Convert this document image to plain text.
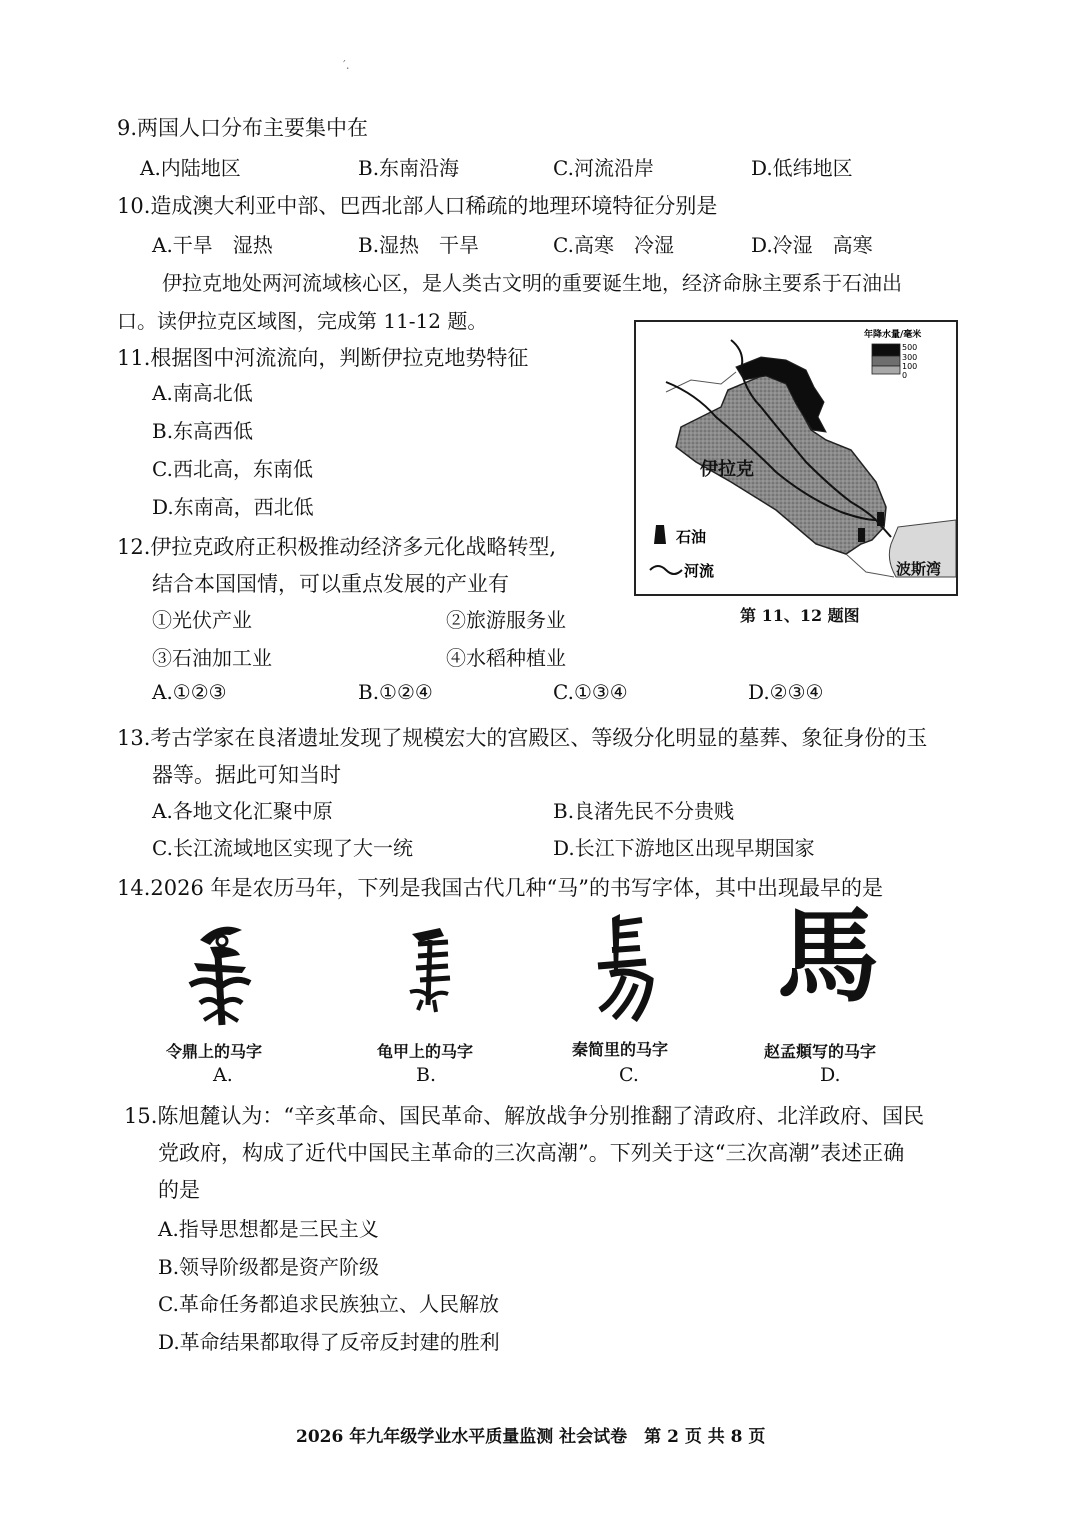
′.
9.两国人口分布主要集中在
A.内陆地区	B.东南沿海	C.河流沿岸	D.低纬地区
10.造成澳大利亚中部、巴西北部人口稀疏的地理环境特征分别是
A.干旱　湿热	B.湿热　干旱	C.高寒　冷湿	D.冷湿　高寒
伊拉克地处两河流域核心区，是人类古文明的重要诞生地，经济命脉主要系于石油出
口。读伊拉克区域图，完成第 11-12 题。
11.根据图中河流流向，判断伊拉克地势特征
A.南高北低
B.东高西低
C.西北高，东南低
D.东南高，西北低
12.伊拉克政府正积极推动经济多元化战略转型,
结合本国国情，可以重点发展的产业有
①光伏产业	②旅游服务业
③石油加工业	④水稻种植业
A.①②③	B.①②④	C.①③④	D.②③④
年降水量/毫米
500
300
100
0
伊拉克
波斯湾
石油
河流
第 11、12 题图
13.考古学家在良渚遗址发现了规模宏大的宫殿区、等级分化明显的墓葬、象征身份的玉
器等。据此可知当时
A.各地文化汇聚中原	B.良渚先民不分贵贱
C.长江流域地区实现了大一统	D.长江下游地区出现早期国家
14.2026 年是农历马年，下列是我国古代几种“马”的书写字体，其中出现最早的是
馬
令鼎上的马字	龟甲上的马字	秦简里的马字	赵孟頫写的马字
A.	B.	C.	D.
15.陈旭麓认为：“辛亥革命、国民革命、解放战争分别推翻了清政府、北洋政府、国民
党政府，构成了近代中国民主革命的三次高潮”。下列关于这“三次高潮”表述正确
的是
A.指导思想都是三民主义
B.领导阶级都是资产阶级
C.革命任务都追求民族独立、人民解放
D.革命结果都取得了反帝反封建的胜利
2026 年九年级学业水平质量监测 社会试卷　第 2 页 共 8 页
